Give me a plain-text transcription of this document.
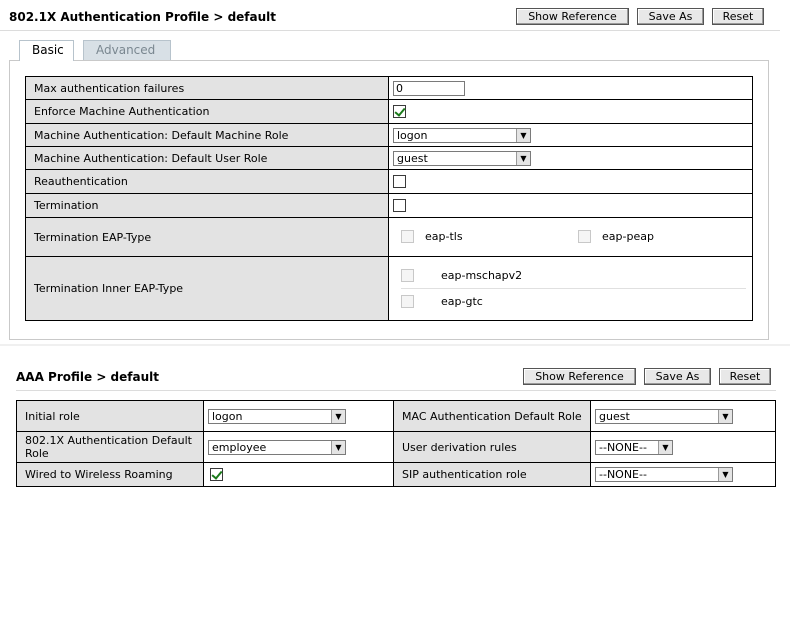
802.1X Authentication Profile > default	Show Reference	Save As	Reset
Basic	Advanced
Max authentication failures	0
Enforce Machine Authentication	
Machine Authentication: Default Machine Role	logon ▼

Machine Authentication: Default User Role	guest ▼

Reauthentication	
Termination	
Termination EAP-Type	eap-tls eap-peap

Termination Inner EAP-Type	eap-mschapv2
eap-gtc
AAA Profile > default	Show Reference	Save As	Reset
Initial role	logon ▼	MAC Authentication Default Role	guest ▼

802.1X Authentication Default Role	employee ▼	User derivation rules	--NONE-- ▼

Wired to Wireless Roaming		SIP authentication role	--NONE-- ▼
